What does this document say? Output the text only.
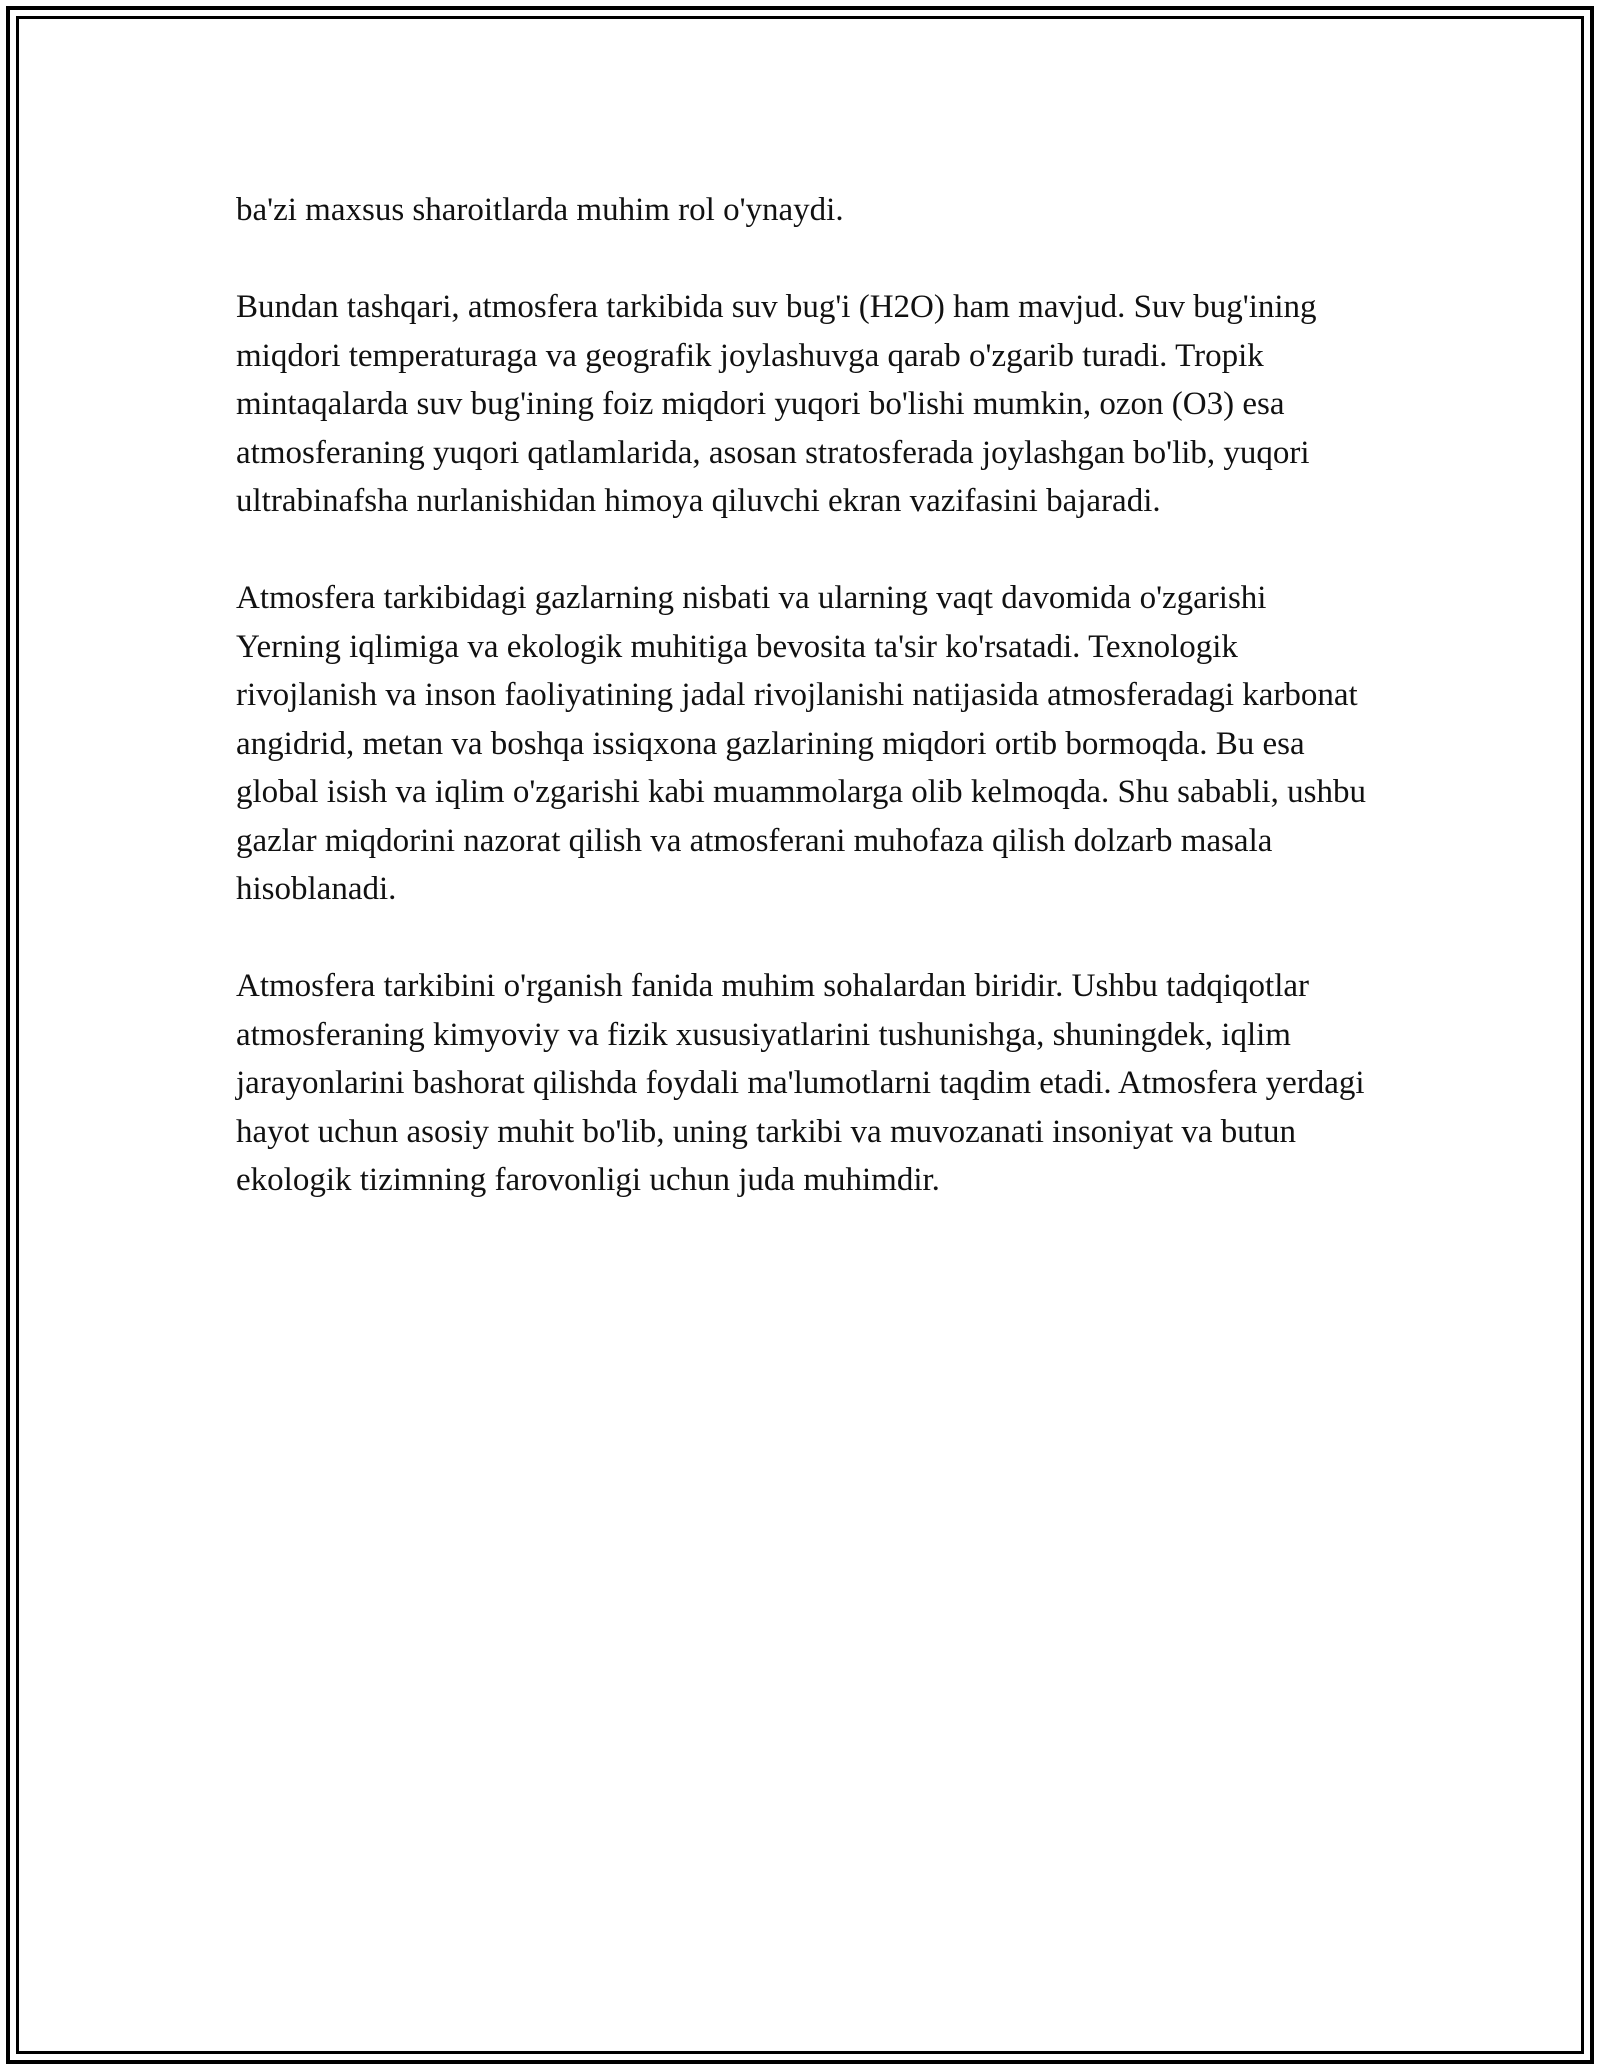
ba'zi maxsus sharoitlarda muhim rol o'ynaydi.

Bundan tashqari, atmosfera tarkibida suv bug'i (H2O) ham mavjud. Suv bug'ining miqdori temperaturaga va geografik joylashuvga qarab o'zgarib turadi. Tropik mintaqalarda suv bug'ining foiz miqdori yuqori bo'lishi mumkin, ozon (O3) esa atmosferaning yuqori qatlamlarida, asosan stratosferada joylashgan bo'lib, yuqori ultrabinafsha nurlanishidan himoya qiluvchi ekran vazifasini bajaradi.

Atmosfera tarkibidagi gazlarning nisbati va ularning vaqt davomida o'zgarishi Yerning iqlimiga va ekologik muhitiga bevosita ta'sir ko'rsatadi. Texnologik rivojlanish va inson faoliyatining jadal rivojlanishi natijasida atmosferadagi karbonat angidrid, metan va boshqa issiqxona gazlarining miqdori ortib bormoqda. Bu esa global isish va iqlim o'zgarishi kabi muammolarga olib kelmoqda. Shu sababli, ushbu gazlar miqdorini nazorat qilish va atmosferani muhofaza qilish dolzarb masala hisoblanadi.

Atmosfera tarkibini o'rganish fanida muhim sohalardan biridir. Ushbu tadqiqotlar atmosferaning kimyoviy va fizik xususiyatlarini tushunishga, shuningdek, iqlim jarayonlarini bashorat qilishda foydali ma'lumotlarni taqdim etadi. Atmosfera yerdagi hayot uchun asosiy muhit bo'lib, uning tarkibi va muvozanati insoniyat va butun ekologik tizimning farovonligi uchun juda muhimdir.
